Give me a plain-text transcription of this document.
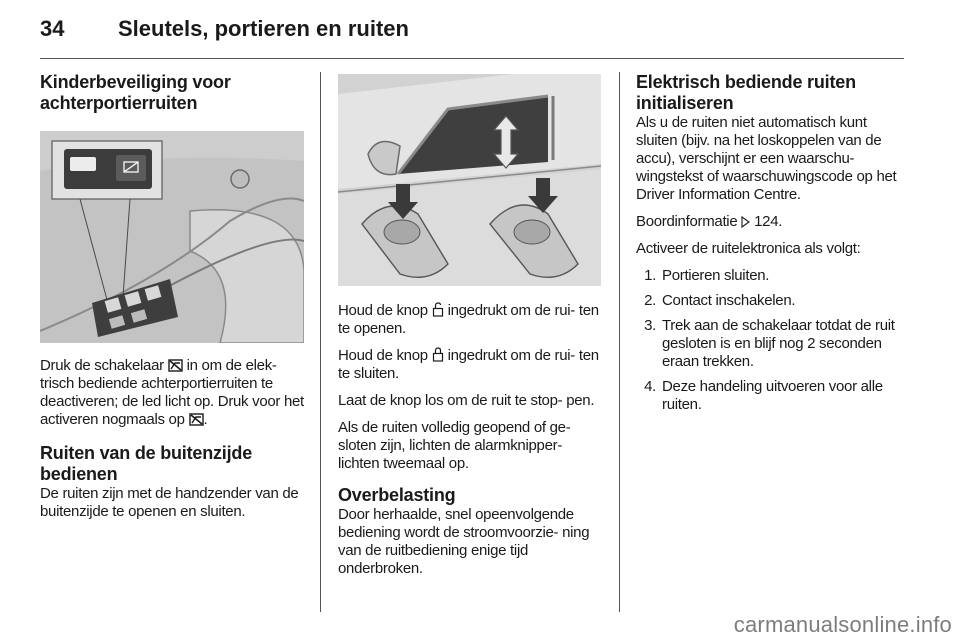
34	Sleutels, portieren en ruiten
Kinderbeveiliging voor achterportierruiten

Druk de schakelaar in om de elek- trisch bediende achterportierruiten te deactiveren; de led licht op. Druk voor het activeren nogmaals op .

Ruiten van de buitenzijde bedienen

De ruiten zijn met de handzender van de buitenzijde te openen en sluiten.

Houd de knop ingedrukt om de rui- ten te openen.

Houd de knop ingedrukt om de rui- ten te sluiten.

Laat de knop los om de ruit te stop- pen.

Als de ruiten volledig geopend of ge- sloten zijn, lichten de alarmknipper- lichten tweemaal op.

Overbelasting

Door herhaalde, snel opeenvolgende bediening wordt de stroomvoorzie- ning van de ruitbediening enige tijd onderbroken.

Elektrisch bediende ruiten initialiseren

Als u de ruiten niet automatisch kunt sluiten (bijv. na het loskoppelen van de accu), verschijnt er een waarschu- wingstekst of waarschuwingscode op het Driver Information Centre.

Boordinformatie 124.

Activeer de ruitelektronica als volgt:

1. Portieren sluiten.
2. Contact inschakelen.
3. Trek aan de schakelaar totdat de ruit gesloten is en blijf nog 2 seconden eraan trekken.
4. Deze handeling uitvoeren voor alle ruiten.
carmanualsonline.info
